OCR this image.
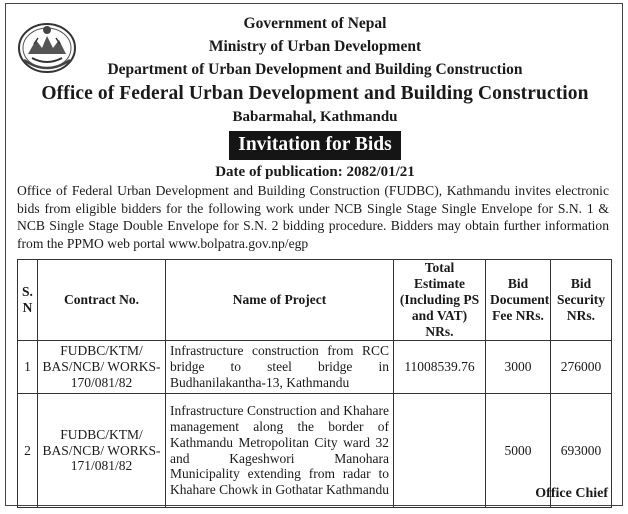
Government of Nepal
Ministry of Urban Development
Department of Urban Development and Building Construction
Office of Federal Urban Development and Building Construction
Babarmahal, Kathmandu
Invitation for Bids
Date of publication: 2082/01/21
Office of Federal Urban Development and Building Construction (FUDBC), Kathmandu invites electronic bids from eligible bidders for the following work under NCB Single Stage Single Envelope for S.N. 1 & NCB Single Stage Double Envelope for S.N. 2 bidding procedure. Bidders may obtain further information from the PPMO web portal www.bolpatra.gov.np/egp
S. N	Contract No.	Name of Project	Total Estimate (Including PS and VAT) NRs.	Bid Document Fee NRs.	Bid Security NRs.
1	FUDBC/KTM/ BAS/NCB/ WORKS-170/081/82	Infrastructure construction from RCC bridge to steel bridge in Budhanilakantha-13, Kathmandu	11008539.76	3000	276000
2	FUDBC/KTM/ BAS/NCB/ WORKS-171/081/82	Infrastructure Construction and Khahare management along the border of Kathmandu Metropolitan City ward 32 and Kageshwori Manohara Municipality extending from radar to Khahare Chowk in Gothatar Kathmandu		5000	693000
Office Chief
